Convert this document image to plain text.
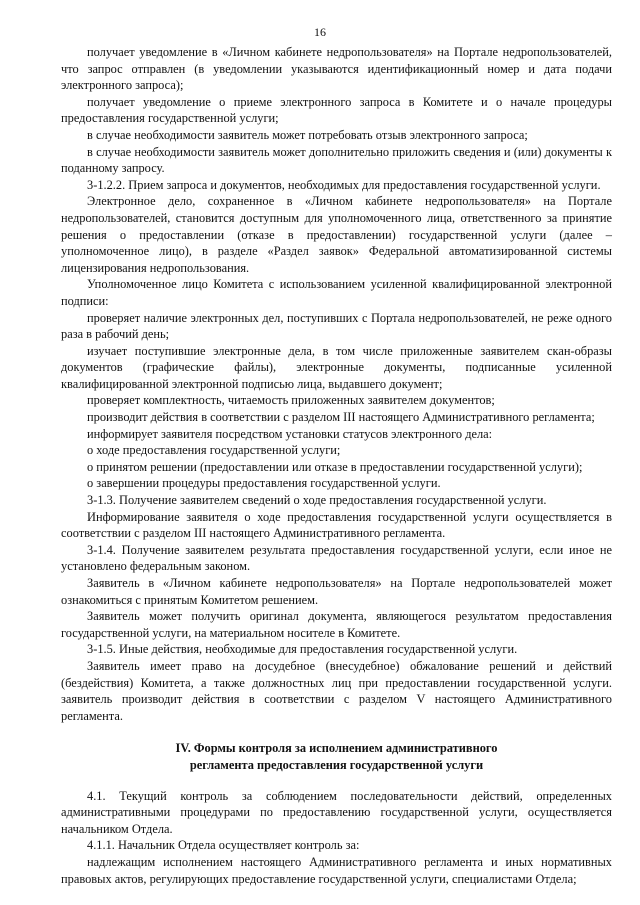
16

получает уведомление в «Личном кабинете недропользователя» на Портале недропользователей, что запрос отправлен (в уведомлении указываются идентификационный номер и дата подачи электронного запроса);

получает уведомление о приеме электронного запроса в Комитете и о начале процедуры предоставления государственной услуги;

в случае необходимости заявитель может потребовать отзыв электронного запроса;

в случае необходимости заявитель может дополнительно приложить сведения и (или) документы к поданному запросу.

3-1.2.2. Прием запроса и документов, необходимых для предоставления государственной услуги.

Электронное дело, сохраненное в «Личном кабинете недропользователя» на Портале недропользователей, становится доступным для уполномоченного лица, ответственного за принятие решения о предоставлении (отказе в предоставлении) государственной услуги (далее – уполномоченное лицо), в разделе «Раздел заявок» Федеральной автоматизированной системы лицензирования недропользования.

Уполномоченное лицо Комитета с использованием усиленной квалифицированной электронной подписи:

проверяет наличие электронных дел, поступивших с Портала недропользователей, не реже одного раза в рабочий день;

изучает поступившие электронные дела, в том числе приложенные заявителем скан-образы документов (графические файлы), электронные документы, подписанные усиленной квалифицированной электронной подписью лица, выдавшего документ;

проверяет комплектность, читаемость приложенных заявителем документов;

производит действия в соответствии с разделом III настоящего Административного регламента;

информирует заявителя посредством установки статусов электронного дела:

о ходе предоставления государственной услуги;

о принятом решении (предоставлении или отказе в предоставлении государственной услуги);

о завершении процедуры предоставления государственной услуги.

3-1.3. Получение заявителем сведений о ходе предоставления государственной услуги.

Информирование заявителя о ходе предоставления государственной услуги осуществляется в соответствии с разделом III настоящего Административного регламента.

3-1.4. Получение заявителем результата предоставления государственной услуги, если иное не установлено федеральным законом.

Заявитель в «Личном кабинете недропользователя» на Портале недропользователей может ознакомиться с принятым Комитетом решением.

Заявитель может получить оригинал документа, являющегося результатом предоставления государственной услуги, на материальном носителе в Комитете.

3-1.5. Иные действия, необходимые для предоставления государственной услуги.

Заявитель имеет право на досудебное (внесудебное) обжалование решений и действий (бездействия) Комитета, а также должностных лиц при предоставлении государственной услуги. заявитель производит действия в соответствии с разделом V настоящего Административного регламента.

IV. Формы контроля за исполнением административного

регламента предоставления государственной услуги

4.1. Текущий контроль за соблюдением последовательности действий, определенных административными процедурами по предоставлению государственной услуги, осуществляется начальником Отдела.

4.1.1. Начальник Отдела осуществляет контроль за:

надлежащим исполнением настоящего Административного регламента и иных нормативных правовых актов, регулирующих предоставление государственной услуги, специалистами Отдела;
